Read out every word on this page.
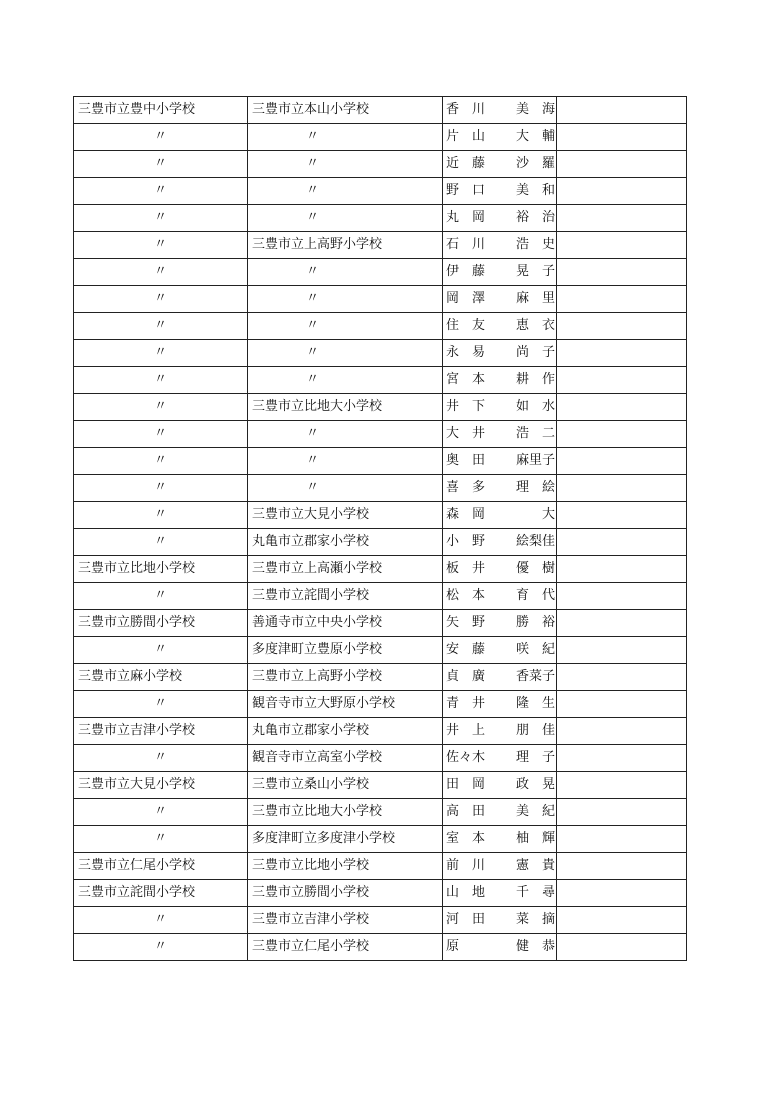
三豊市立豊中小学校	三豊市立本山小学校	香 川 美 海	

〃	〃	片 山 大 輔	

〃	〃	近 藤 沙 羅	

〃	〃	野 口 美 和	

〃	〃	丸 岡 裕 治	

〃	三豊市立上高野小学校	石 川 浩 史	

〃	〃	伊 藤 晃 子	

〃	〃	岡 澤 麻 里	

〃	〃	住 友 恵 衣	

〃	〃	永 易 尚 子	

〃	〃	宮 本 耕 作	

〃	三豊市立比地大小学校	井 下 如 水	

〃	〃	大 井 浩 二	

〃	〃	奥 田 麻 里 子	

〃	〃	喜 多 理 絵	

〃	三豊市立大見小学校	森 岡 大	

〃	丸亀市立郡家小学校	小 野 絵 梨 佳	

三豊市立比地小学校	三豊市立上高瀬小学校	板 井 優 樹	

〃	三豊市立詫間小学校	松 本 育 代	

三豊市立勝間小学校	善通寺市立中央小学校	矢 野 勝 裕	

〃	多度津町立豊原小学校	安 藤 咲 紀	

三豊市立麻小学校	三豊市立上高野小学校	貞 廣 香 菜 子	

〃	観音寺市立大野原小学校	青 井 隆 生	

三豊市立吉津小学校	丸亀市立郡家小学校	井 上 朋 佳	

〃	観音寺市立高室小学校	佐 々 木 理 子	

三豊市立大見小学校	三豊市立桑山小学校	田 岡 政 晃	

〃	三豊市立比地大小学校	高 田 美 紀	

〃	多度津町立多度津小学校	室 本 柚 輝	

三豊市立仁尾小学校	三豊市立比地小学校	前 川 憲 貴	

三豊市立詫間小学校	三豊市立勝間小学校	山 地 千 尋	

〃	三豊市立吉津小学校	河 田 菜 摘	

〃	三豊市立仁尾小学校	原 健 恭	
